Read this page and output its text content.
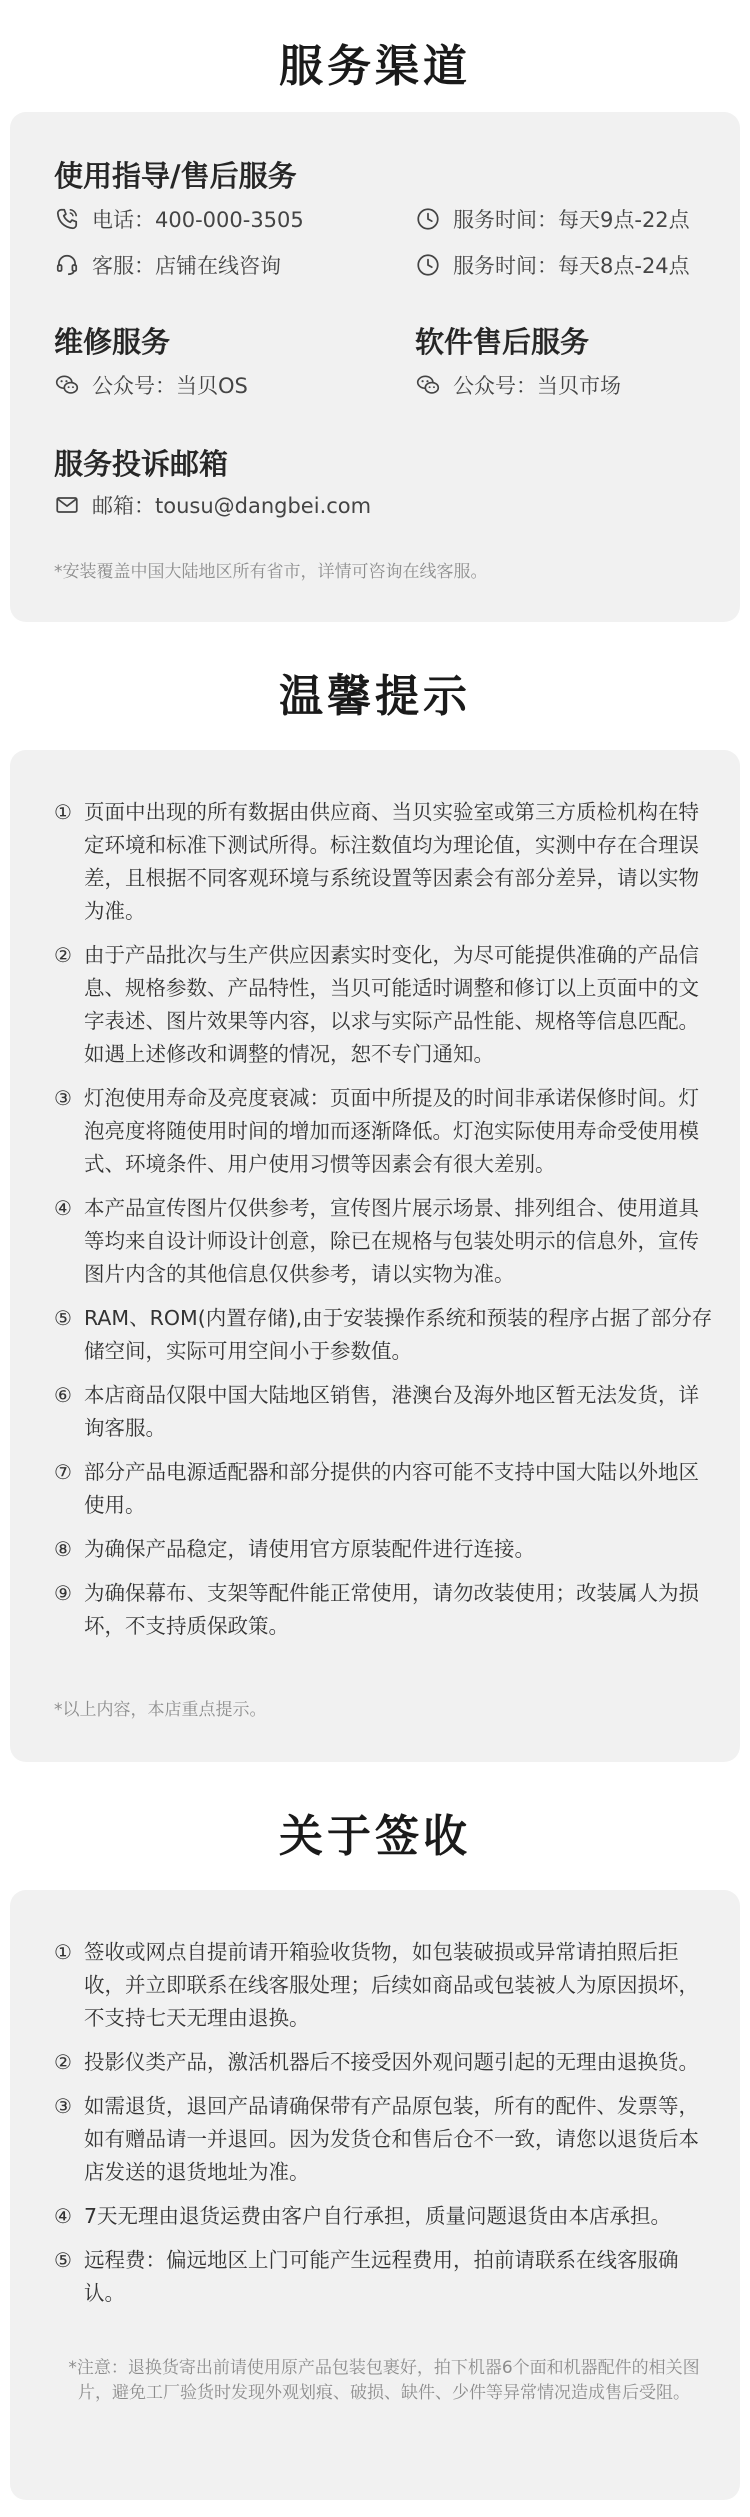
服务渠道
使用指导/售后服务
电话：400-000-3505	服务时间：每天9点-22点
客服：店铺在线咨询	服务时间：每天8点-24点
维修服务
公众号：当贝OS
软件售后服务
公众号：当贝市场
服务投诉邮箱
邮箱：tousu@dangbei.com
*安装覆盖中国大陆地区所有省市，详情可咨询在线客服。
温馨提示
① 页面中出现的所有数据由供应商、当贝实验室或第三方质检机构在特定环境和标准下测试所得。标注数值均为理论值，实测中存在合理误差，且根据不同客观环境与系统设置等因素会有部分差异，请以实物为准。
② 由于产品批次与生产供应因素实时变化，为尽可能提供准确的产品信息、规格参数、产品特性，当贝可能适时调整和修订以上页面中的文字表述、图片效果等内容，以求与实际产品性能、规格等信息匹配。如遇上述修改和调整的情况，恕不专门通知。
③ 灯泡使用寿命及亮度衰减：页面中所提及的时间非承诺保修时间。灯泡亮度将随使用时间的增加而逐渐降低。灯泡实际使用寿命受使用模式、环境条件、用户使用习惯等因素会有很大差别。
④ 本产品宣传图片仅供参考，宣传图片展示场景、排列组合、使用道具等均来自设计师设计创意，除已在规格与包装处明示的信息外，宣传图片内含的其他信息仅供参考，请以实物为准。
⑤ RAM、ROM(内置存储),由于安装操作系统和预装的程序占据了部分存储空间，实际可用空间小于参数值。
⑥ 本店商品仅限中国大陆地区销售，港澳台及海外地区暂无法发货，详询客服。
⑦ 部分产品电源适配器和部分提供的内容可能不支持中国大陆以外地区使用。
⑧ 为确保产品稳定，请使用官方原装配件进行连接。
⑨ 为确保幕布、支架等配件能正常使用，请勿改装使用；改装属人为损坏，不支持质保政策。
*以上内容，本店重点提示。
关于签收
① 签收或网点自提前请开箱验收货物，如包装破损或异常请拍照后拒收，并立即联系在线客服处理；后续如商品或包装被人为原因损坏，不支持七天无理由退换。
② 投影仪类产品，激活机器后不接受因外观问题引起的无理由退换货。
③ 如需退货，退回产品请确保带有产品原包装，所有的配件、发票等，如有赠品请一并退回。因为发货仓和售后仓不一致，请您以退货后本店发送的退货地址为准。
④ 7天无理由退货运费由客户自行承担，质量问题退货由本店承担。
⑤ 远程费：偏远地区上门可能产生远程费用，拍前请联系在线客服确认。
*注意：退换货寄出前请使用原产品包装包裹好，拍下机器6个面和机器配件的相关图片，避免工厂验货时发现外观划痕、破损、缺件、少件等异常情况造成售后受阻。
